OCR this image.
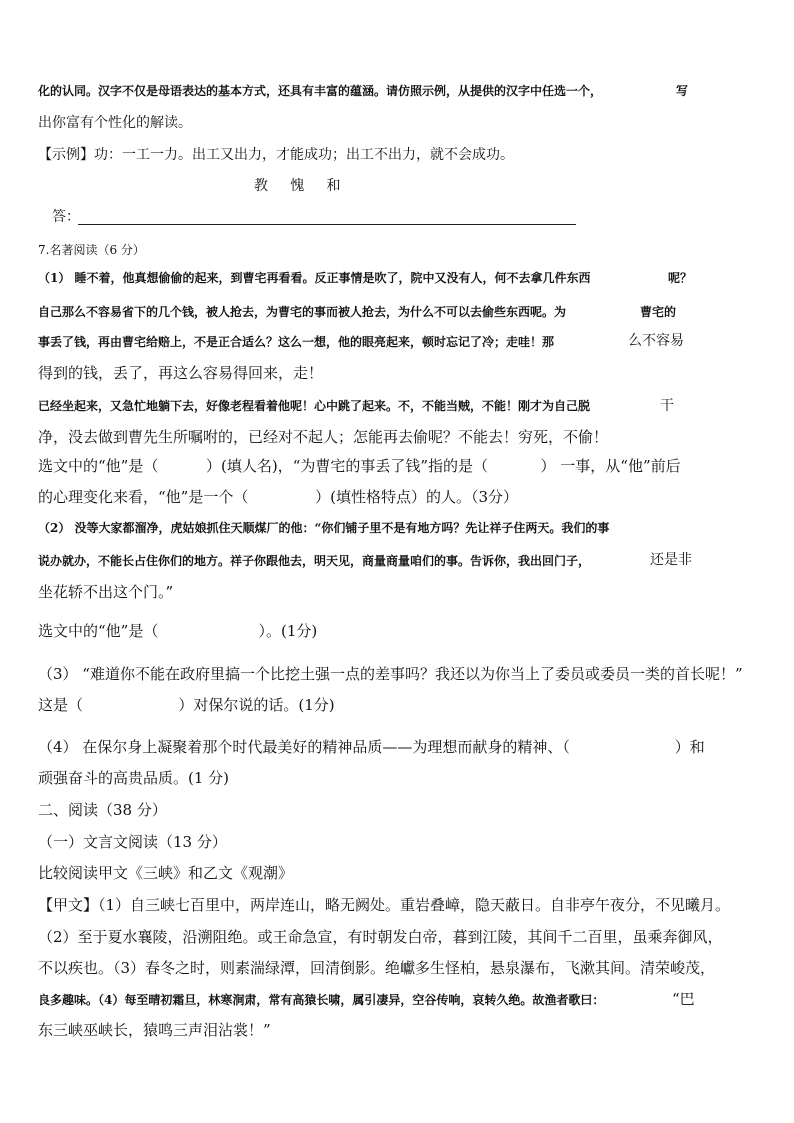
化的认同。汉字不仅是母语表达的基本方式，还具有丰富的蕴涵。请仿照示例，从提供的汉字中任选一个，	写
出你富有个性化的解读。
【示例】功：一工一力。出工又出力，才能成功；出工不出力，就不会成功。
教     愧     和
答：
7.名著阅读（6 分）
（1） 睡不着，他真想偷偷的起来，到曹宅再看看。反正事情是吹了，院中又没有人，何不去拿几件东西	呢？
自己那么不容易省下的几个钱，被人抢去，为曹宅的事而被人抢去，为什么不可以去偷些东西呢。为	曹宅的
事丢了钱，再由曹宅给赔上，不是正合适么？这么一想，他的眼亮起来，顿时忘记了冷；走哇！那	么不容易
得到的钱，丢了，再这么容易得回来，走！
已经坐起来，又急忙地躺下去，好像老程看着他呢！心中跳了起来。不，不能当贼，不能！刚才为自己脱	干
净，没去做到曹先生所嘱咐的，已经对不起人；怎能再去偷呢？不能去！穷死，不偷！
选文中的“他”是（          ）(填人名)，“为曹宅的事丢了钱”指的是（           ） 一事，从“他”前后
的心理变化来看，“他”是一个（              ）(填性格特点）的人。（3分）
（2） 没等大家都溜净，虎姑娘抓住天顺煤厂的他：“你们铺子里不是有地方吗？先让祥子住两天。我们的事
说办就办，不能长占住你们的地方。祥子你跟他去，明天见，商量商量咱们的事。告诉你，我出回门子，	还是非
坐花轿不出这个门。”
选文中的“他”是（                     ）。(1分)
（3） “难道你不能在政府里搞一个比挖土强一点的差事吗？我还以为你当上了委员或委员一类的首长呢！”
这是（                    ）对保尔说的话。(1分)
（4） 在保尔身上凝聚着那个时代最美好的精神品质——为理想而献身的精神、（                      ）和
顽强奋斗的高贵品质。(1 分)
二、阅读（38 分）
（一）文言文阅读（13 分）
比较阅读甲文《三峡》和乙文《观潮》
【甲文】（1）自三峡七百里中，两岸连山，略无阙处。重岩叠嶂，隐天蔽日。自非亭午夜分，不见曦月。
（2）至于夏水襄陵，沿溯阻绝。或王命急宣，有时朝发白帝，暮到江陵，其间千二百里，虽乘奔御风，
不以疾也。（3）春冬之时，则素湍绿潭，回清倒影。绝巘多生怪柏，悬泉瀑布，飞漱其间。清荣峻茂，
良多趣味。（4）每至晴初霜旦，林寒涧肃，常有高猿长啸，属引凄异，空谷传响，哀转久绝。故渔者歌曰：	“巴
东三峡巫峡长，猿鸣三声泪沾裳！”
